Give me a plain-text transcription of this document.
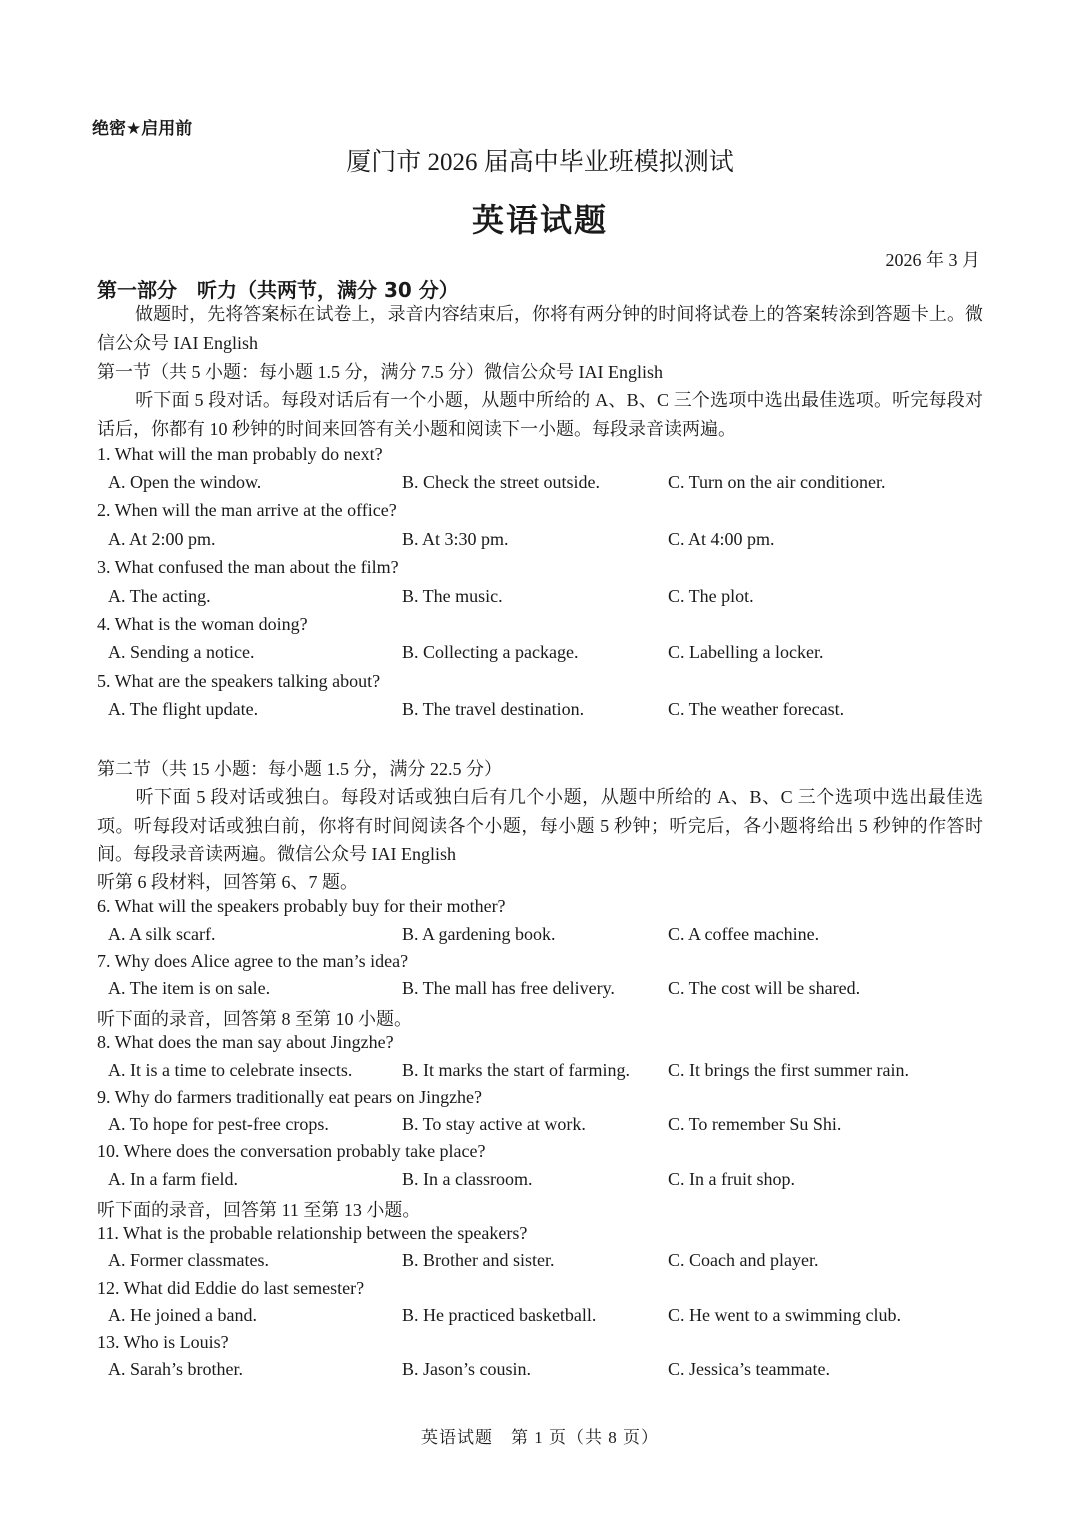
绝密★启用前
厦门市 2026 届高中毕业班模拟测试
英语试题
2026 年 3 月
第一部分　听力（共两节，满分 30 分）
做题时，先将答案标在试卷上，录音内容结束后，你将有两分钟的时间将试卷上的答案转涂到答题卡上。微信公众号 IAI English
第一节（共 5 小题：每小题 1.5 分，满分 7.5 分）微信公众号 IAI English
听下面 5 段对话。每段对话后有一个小题，从题中所给的 A、B、C 三个选项中选出最佳选项。听完每段对话后，你都有 10 秒钟的时间来回答有关小题和阅读下一小题。每段录音读两遍。
1. What will the man probably do next?
A. Open the window.	B. Check the street outside.	C. Turn on the air conditioner.
2. When will the man arrive at the office?
A. At 2:00 pm.	B. At 3:30 pm.	C. At 4:00 pm.
3. What confused the man about the film?
A. The acting.	B. The music.	C. The plot.
4. What is the woman doing?
A. Sending a notice.	B. Collecting a package.	C. Labelling a locker.
5. What are the speakers talking about?
A. The flight update.	B. The travel destination.	C. The weather forecast.
第二节（共 15 小题：每小题 1.5 分，满分 22.5 分）
听下面 5 段对话或独白。每段对话或独白后有几个小题，从题中所给的 A、B、C 三个选项中选出最佳选项。听每段对话或独白前，你将有时间阅读各个小题，每小题 5 秒钟；听完后，各小题将给出 5 秒钟的作答时间。每段录音读两遍。微信公众号 IAI English
听第 6 段材料，回答第 6、7 题。
6. What will the speakers probably buy for their mother?
A. A silk scarf.	B. A gardening book.	C. A coffee machine.
7. Why does Alice agree to the man’s idea?
A. The item is on sale.	B. The mall has free delivery.	C. The cost will be shared.
听下面的录音，回答第 8 至第 10 小题。
8. What does the man say about Jingzhe?
A. It is a time to celebrate insects.	B. It marks the start of farming. C. It brings the first summer rain.
9. Why do farmers traditionally eat pears on Jingzhe?
A. To hope for pest-free crops.	B. To stay active at work.	C. To remember Su Shi.
10. Where does the conversation probably take place?
A. In a farm field.	B. In a classroom.	C. In a fruit shop.
听下面的录音，回答第 11 至第 13 小题。
11. What is the probable relationship between the speakers?
A. Former classmates.	B. Brother and sister.	C. Coach and player.
12. What did Eddie do last semester?
A. He joined a band.	B. He practiced basketball.	C. He went to a swimming club.
13. Who is Louis?
A. Sarah’s brother.	B. Jason’s cousin.	C. Jessica’s teammate.
英语试题　第 1 页（共 8 页）
